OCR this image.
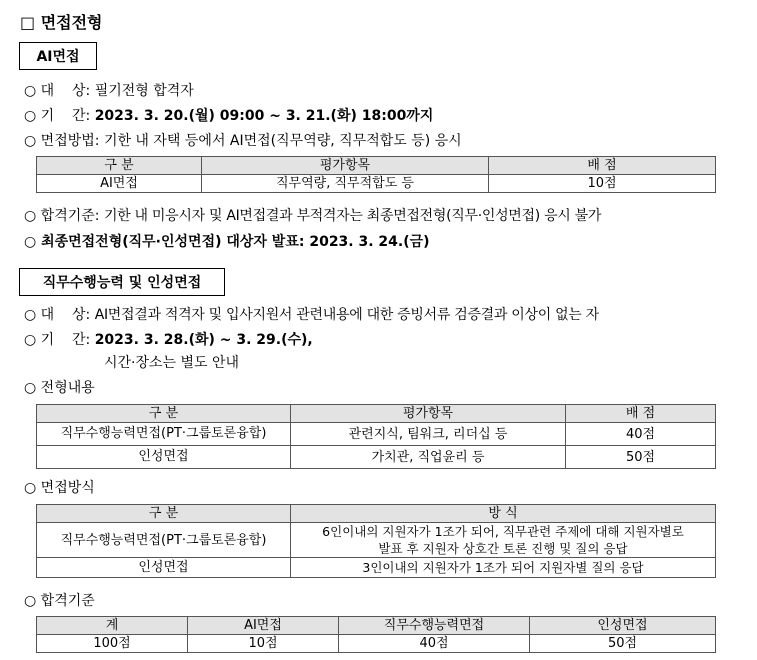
□ 면접전형
AI면접
○ 대    상: 필기전형 합격자
○ 기    간: 2023. 3. 20.(월) 09:00 ~ 3. 21.(화) 18:00까지
○ 면접방법: 기한 내 자택 등에서 AI면접(직무역량, 직무적합도 등) 응시
구 분	평가항목	배 점
AI면접	직무역량, 직무적합도 등	10점
○ 합격기준: 기한 내 미응시자 및 AI면접결과 부적격자는 최종면접전형(직무·인성면접) 응시 불가
○ 최종면접전형(직무·인성면접) 대상자 발표: 2023. 3. 24.(금)
직무수행능력 및 인성면접
○ 대    상: AI면접결과 적격자 및 입사지원서 관련내용에 대한 증빙서류 검증결과 이상이 없는 자
○ 기    간: 2023. 3. 28.(화) ~ 3. 29.(수),
시간·장소는 별도 안내
○ 전형내용
구 분	평가항목	배 점
직무수행능력면접(PT·그룹토론융합)	관련지식, 팀워크, 리더십 등	40점
인성면접	가치관, 직업윤리 등	50점
○ 면접방식
구 분	방 식
직무수행능력면접(PT·그룹토론융합)	6인이내의 지원자가 1조가 되어, 직무관련 주제에 대해 지원자별로
발표 후 지원자 상호간 토론 진행 및 질의 응답

인성면접	3인이내의 지원자가 1조가 되어 지원자별 질의 응답
○ 합격기준
계	AI면접	직무수행능력면접	인성면접
100점	10점	40점	50점
